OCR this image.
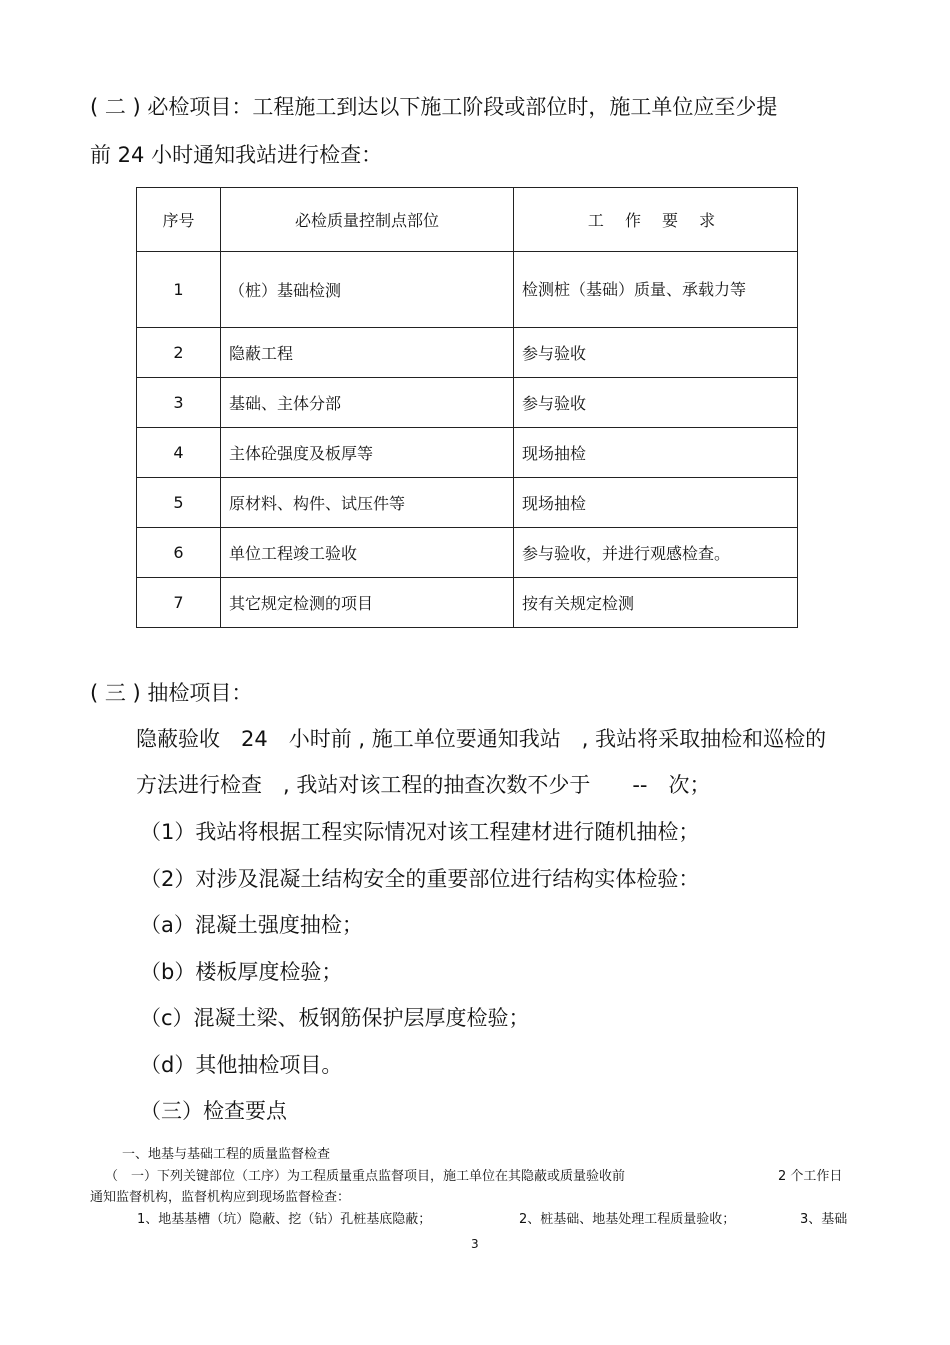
( 二 ) 必检项目：工程施工到达以下施工阶段或部位时，施工单位应至少提
前 24 小时通知我站进行检查：
序号	必检质量控制点部位	工 作 要 求
1	（桩）基础检测	检测桩（基础）质量、承载力等

2	隐蔽工程	参与验收
3	基础、主体分部	参与验收
4	主体砼强度及板厚等	现场抽检
5	原材料、构件、试压件等	现场抽检
6	单位工程竣工验收	参与验收，并进行观感检查。
7	其它规定检测的项目	按有关规定检测
( 三 ) 抽检项目：
隐蔽验收　24　小时前 , 施工单位要通知我站　, 我站将采取抽检和巡检的
方法进行检查　, 我站对该工程的抽查次数不少于　　--　次；
（1）我站将根据工程实际情况对该工程建材进行随机抽检；
（2）对涉及混凝土结构安全的重要部位进行结构实体检验：
（a）混凝土强度抽检；
（b）楼板厚度检验；
（c）混凝土梁、板钢筋保护层厚度检验；
（d）其他抽检项目。
（三）检查要点
一、地基与基础工程的质量监督检查
（　一）下列关键部位（工序）为工程质量重点监督项目，施工单位在其隐蔽或质量验收前	2 个工作日
通知监督机构，监督机构应到现场监督检查：
1、地基基槽（坑）隐蔽、挖（钻）孔桩基底隐蔽；	2、桩基础、地基处理工程质量验收；	3、基础
3
